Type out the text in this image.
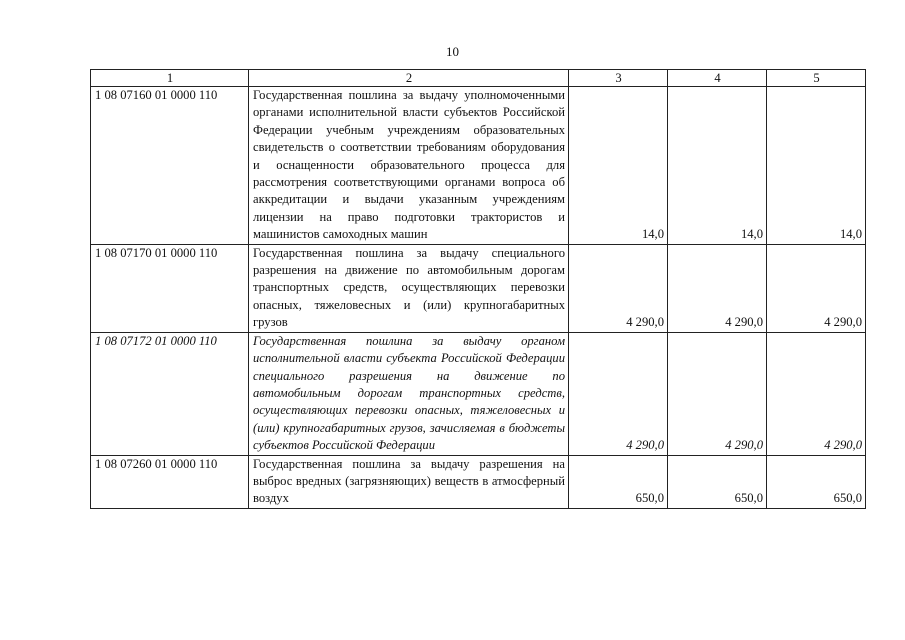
10
1	2	3	4	5
1 08 07160 01 0000 110	Государственная пошлина за выдачу уполномоченными органами исполнительной власти субъектов Российской Федерации учебным учреждениям образовательных свидетельств о соответствии требованиям оборудования и оснащенности образовательного процесса для рассмотрения соответствующими органами вопроса об аккредитации и выдачи указанным учреждениям лицензии на право подготовки трактористов и машинистов самоходных машин	14,0	14,0	14,0
1 08 07170 01 0000 110	Государственная пошлина за выдачу специального разрешения на движение по автомобильным дорогам транспортных средств, осуществляющих перевозки опасных, тяжеловесных и (или) крупногабаритных грузов	4 290,0	4 290,0	4 290,0
1 08 07172 01 0000 110	Государственная пошлина за выдачу органом исполнительной власти субъекта Российской Федерации специального разрешения на движение по автомобильным дорогам транспортных средств, осуществляющих перевозки опасных, тяжеловесных и (или) крупногабаритных грузов, зачисляемая в бюджеты субъектов Российской Федерации	4 290,0	4 290,0	4 290,0
1 08 07260 01 0000 110	Государственная пошлина за выдачу разрешения на выброс вредных (загрязняющих) веществ в атмосферный воздух	650,0	650,0	650,0
